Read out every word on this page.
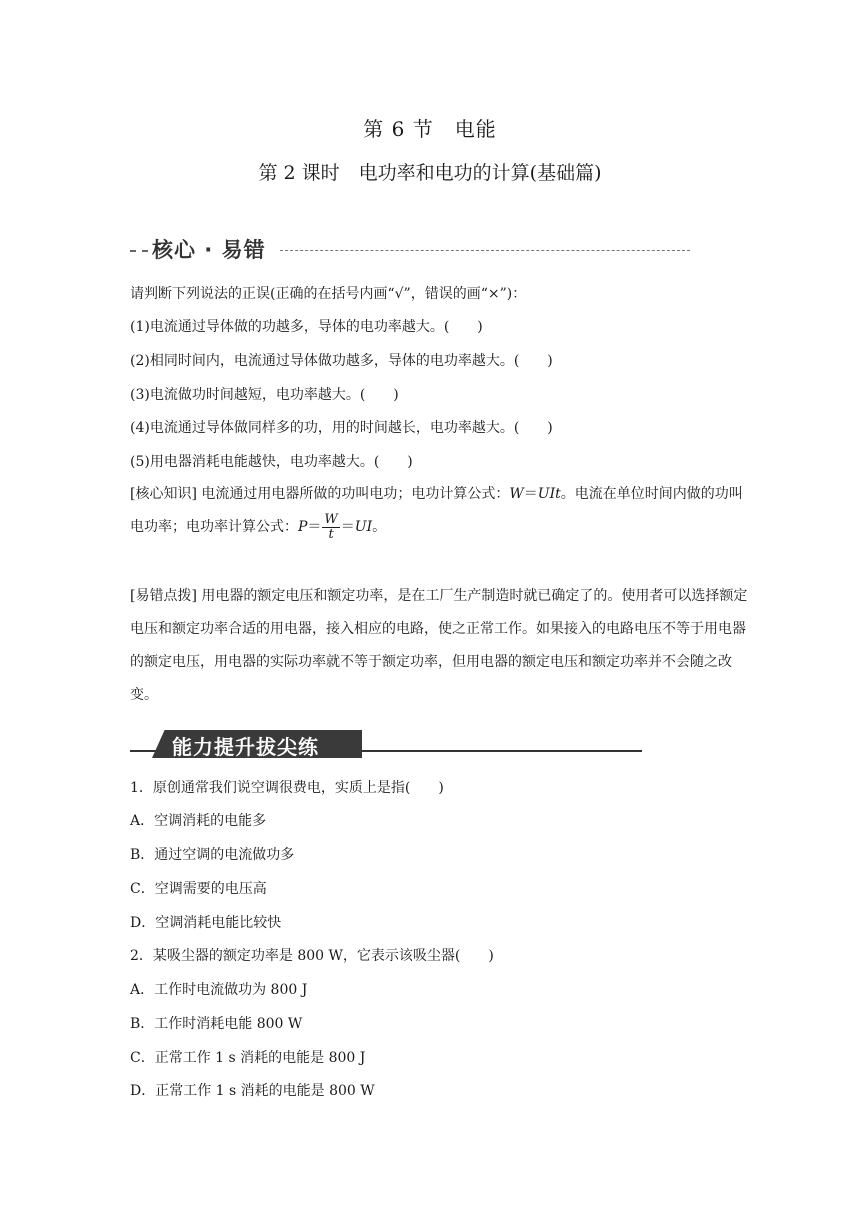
第 6 节　电能
第 2 课时　电功率和电功的计算(基础篇)
核心 · 易错
请判断下列说法的正误(正确的在括号内画“√”，错误的画“×”)：
(1)电流通过导体做的功越多，导体的电功率越大。(　　)
(2)相同时间内，电流通过导体做功越多，导体的电功率越大。(　　)
(3)电流做功时间越短，电功率越大。(　　)
(4)电流通过导体做同样多的功，用的时间越长，电功率越大。(　　)
(5)用电器消耗电能越快，电功率越大。(　　)
[核心知识] 电流通过用电器所做的功叫电功；电功计算公式：W＝UIt。电流在单位时间内做的功叫电功率；电功率计算公式：$P= \frac{W}{t} =UI$。
[易错点拨] 用电器的额定电压和额定功率，是在工厂生产制造时就已确定了的。使用者可以选择额定电压和额定功率合适的用电器，接入相应的电路，使之正常工作。如果接入的电路电压不等于用电器的额定电压，用电器的实际功率就不等于额定功率，但用电器的额定电压和额定功率并不会随之改变。
能力提升拔尖练
1．原创通常我们说空调很费电，实质上是指(　　)
A．空调消耗的电能多
B．通过空调的电流做功多
C．空调需要的电压高
D．空调消耗电能比较快
2．某吸尘器的额定功率是 800 W，它表示该吸尘器(　　)
A．工作时电流做功为 800 J
B．工作时消耗电能 800 W
C．正常工作 1 s 消耗的电能是 800 J
D．正常工作 1 s 消耗的电能是 800 W
